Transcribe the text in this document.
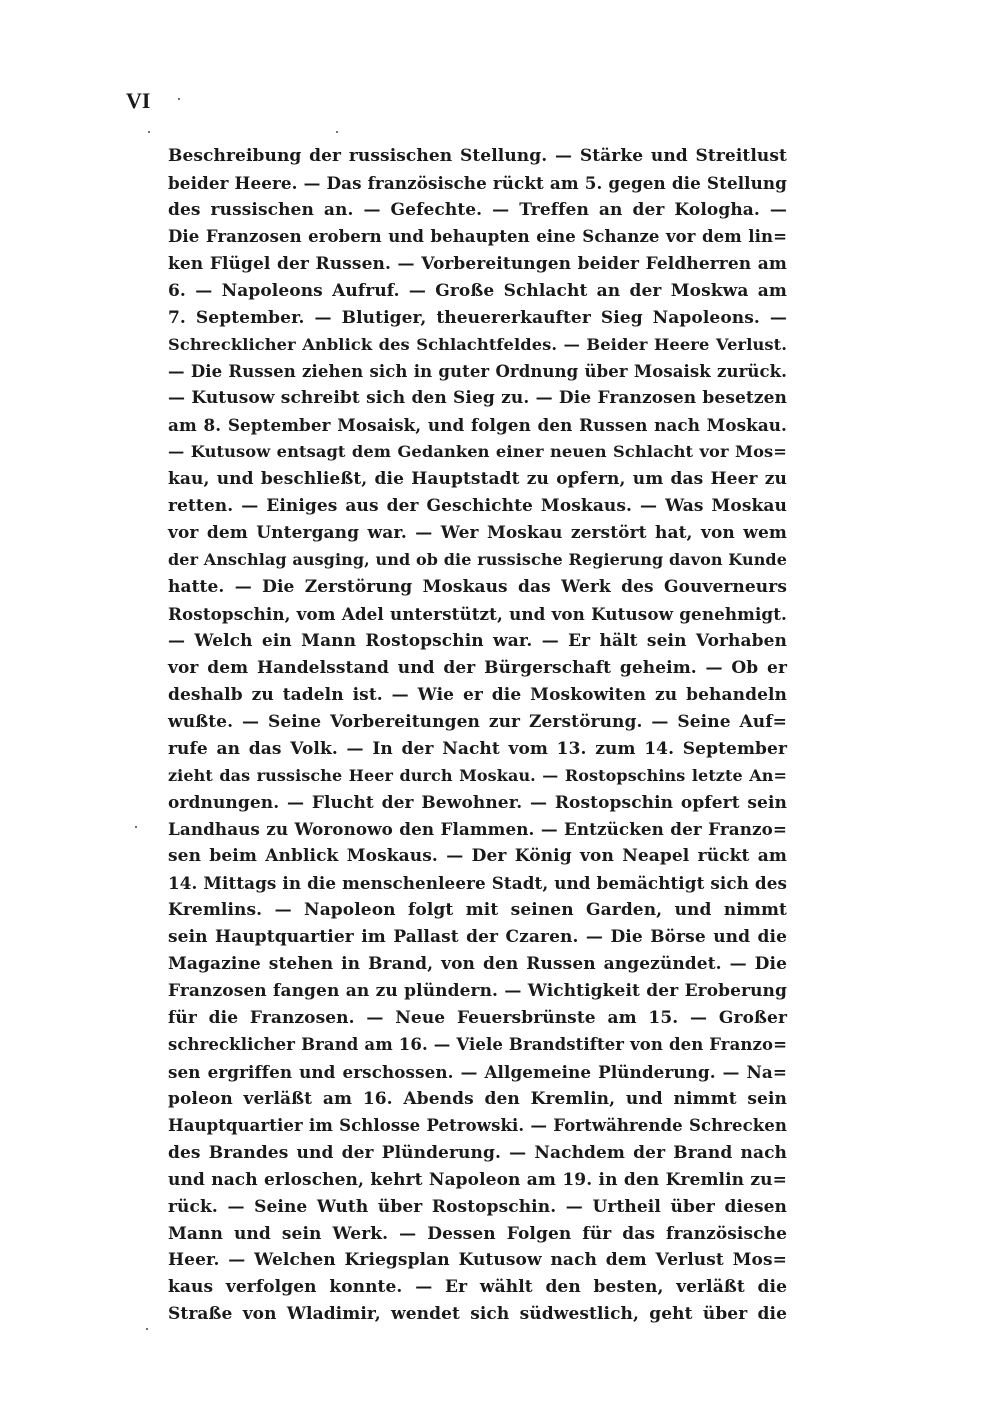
VI
Beschreibung der russischen Stellung. — Stärke und Streitlust
beider Heere. — Das französische rückt am 5. gegen die Stellung
des russischen an. — Gefechte. — Treffen an der Kologha. —
Die Franzosen erobern und behaupten eine Schanze vor dem lin=
ken Flügel der Russen. — Vorbereitungen beider Feldherren am
6. — Napoleons Aufruf. — Große Schlacht an der Moskwa am
7. September. — Blutiger, theuererkaufter Sieg Napoleons. —
Schrecklicher Anblick des Schlachtfeldes. — Beider Heere Verlust.
— Die Russen ziehen sich in guter Ordnung über Mosaisk zurück.
— Kutusow schreibt sich den Sieg zu. — Die Franzosen besetzen
am 8. September Mosaisk, und folgen den Russen nach Moskau.
— Kutusow entsagt dem Gedanken einer neuen Schlacht vor Mos=
kau, und beschließt, die Hauptstadt zu opfern, um das Heer zu
retten. — Einiges aus der Geschichte Moskaus. — Was Moskau
vor dem Untergang war. — Wer Moskau zerstört hat, von wem
der Anschlag ausging, und ob die russische Regierung davon Kunde
hatte. — Die Zerstörung Moskaus das Werk des Gouverneurs
Rostopschin, vom Adel unterstützt, und von Kutusow genehmigt.
— Welch ein Mann Rostopschin war. — Er hält sein Vorhaben
vor dem Handelsstand und der Bürgerschaft geheim. — Ob er
deshalb zu tadeln ist. — Wie er die Moskowiten zu behandeln
wußte. — Seine Vorbereitungen zur Zerstörung. — Seine Auf=
rufe an das Volk. — In der Nacht vom 13. zum 14. September
zieht das russische Heer durch Moskau. — Rostopschins letzte An=
ordnungen. — Flucht der Bewohner. — Rostopschin opfert sein
Landhaus zu Woronowo den Flammen. — Entzücken der Franzo=
sen beim Anblick Moskaus. — Der König von Neapel rückt am
14. Mittags in die menschenleere Stadt, und bemächtigt sich des
Kremlins. — Napoleon folgt mit seinen Garden, und nimmt
sein Hauptquartier im Pallast der Czaren. — Die Börse und die
Magazine stehen in Brand, von den Russen angezündet. — Die
Franzosen fangen an zu plündern. — Wichtigkeit der Eroberung
für die Franzosen. — Neue Feuersbrünste am 15. — Großer
schrecklicher Brand am 16. — Viele Brandstifter von den Franzo=
sen ergriffen und erschossen. — Allgemeine Plünderung. — Na=
poleon verläßt am 16. Abends den Kremlin, und nimmt sein
Hauptquartier im Schlosse Petrowski. — Fortwährende Schrecken
des Brandes und der Plünderung. — Nachdem der Brand nach
und nach erloschen, kehrt Napoleon am 19. in den Kremlin zu=
rück. — Seine Wuth über Rostopschin. — Urtheil über diesen
Mann und sein Werk. — Dessen Folgen für das französische
Heer. — Welchen Kriegsplan Kutusow nach dem Verlust Mos=
kaus verfolgen konnte. — Er wählt den besten, verläßt die
Straße von Wladimir, wendet sich südwestlich, geht über die
